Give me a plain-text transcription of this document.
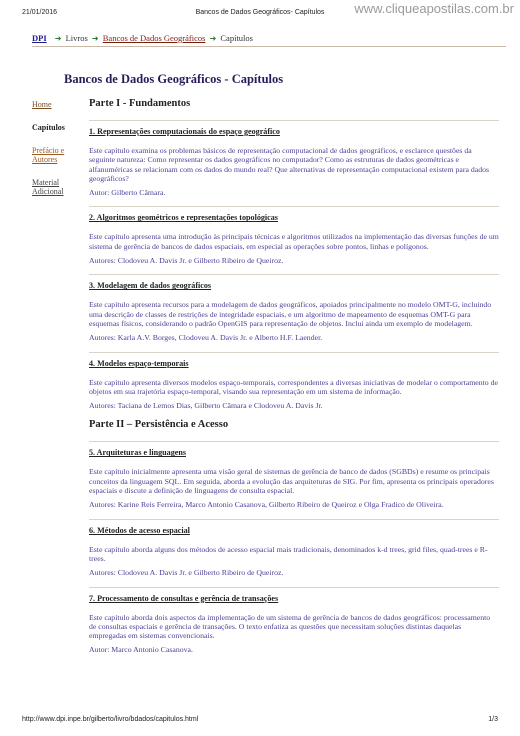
21/01/2016	Bancos de Dados Geográficos- Capítulos	www.cliqueapostilas.com.br
DPI ➜ Livros ➜ Bancos de Dados Geográficos ➜ Capítulos
Bancos de Dados Geográficos - Capítulos
Home
Capítulos
Prefácio e Autores
Material Adicional
Parte I - Fundamentos
1. Representações computacionais do espaço geográfico

Este capítulo examina os problemas básicos de representação computacional de dados geográficos, e esclarece questões da seguinte natureza: Como representar os dados geográficos no computador? Como as estruturas de dados geométricas e alfanuméricas se relacionam com os dados do mundo real? Que alternativas de representação computacional existem para dados geográficos?

Autor: Gilberto Câmara.

2. Algoritmos geométricos e representações topológicas

Este capítulo apresenta uma introdução às principais técnicas e algoritmos utilizados na implementação das diversas funções de um sistema de gerência de bancos de dados espaciais, em especial as operações sobre pontos, linhas e polígonos.

Autores: Clodoveu A. Davis Jr. e Gilberto Ribeiro de Queiroz.

3. Modelagem de dados geográficos

Este capítulo apresenta recursos para a modelagem de dados geográficos, apoiados principalmente no modelo OMT-G, incluindo uma descrição de classes de restrições de integridade espaciais, e um algoritmo de mapeamento de esquemas OMT-G para esquemas físicos, considerando o padrão OpenGIS para representação de objetos. Inclui ainda um exemplo de modelagem.

Autores: Karla A.V. Borges, Clodoveu A. Davis Jr. e Alberto H.F. Laender.

4. Modelos espaço-temporais

Este capítulo apresenta diversos modelos espaço-temporais, correspondentes a diversas iniciativas de modelar o comportamento de objetos em sua trajetória espaço-temporal, visando sua representação em um sistema de informação.

Autores: Taciana de Lemos Dias, Gilberto Câmara e Clodoveu A. Davis Jr.

Parte II – Persistência e Acesso
5. Arquiteturas e linguagens

Este capítulo inicialmente apresenta uma visão geral de sistemas de gerência de banco de dados (SGBDs) e resume os principais conceitos da linguagem SQL. Em seguida, aborda a evolução das arquiteturas de SIG. Por fim, apresenta os principais operadores espaciais e discute a definição de linguagens de consulta espacial.

Autores: Karine Reis Ferreira, Marco Antonio Casanova, Gilberto Ribeiro de Queiroz e Olga Fradico de Oliveira.

6. Métodos de acesso espacial

Este capítulo aborda alguns dos métodos de acesso espacial mais tradicionais, denominados k-d trees, grid files, quad-trees e R-trees.

Autores: Clodoveu A. Davis Jr. e Gilberto Ribeiro de Queiroz.

7. Processamento de consultas e gerência de transações

Este capítulo aborda dois aspectos da implementação de um sistema de gerência de bancos de dados geográficos: processamento de consultas espaciais e gerência de transações. O texto enfatiza as questões que necessitam soluções distintas daquelas empregadas em sistemas convencionais.

Autor: Marco Antonio Casanova.

http://www.dpi.inpe.br/gilberto/livro/bdados/capitulos.html	1/3
